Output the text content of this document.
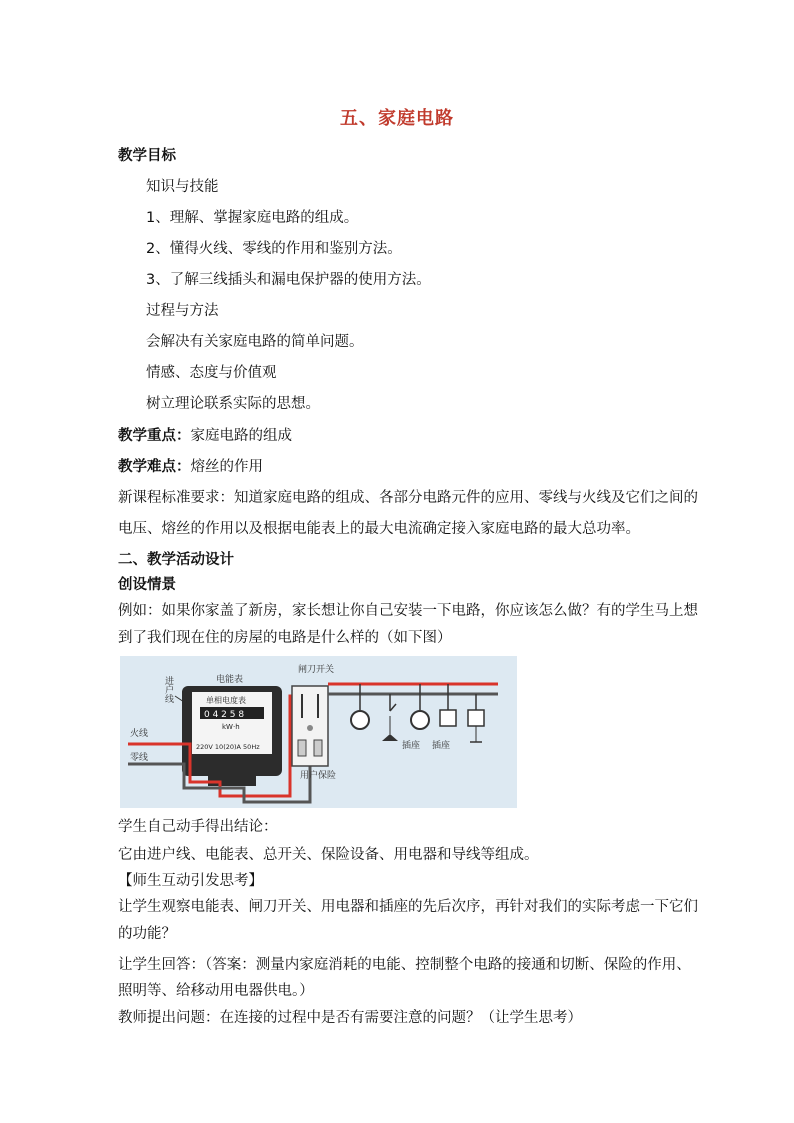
五、家庭电路
教学目标
知识与技能
1、理解、掌握家庭电路的组成。
2、懂得火线、零线的作用和鉴别方法。
3、了解三线插头和漏电保护器的使用方法。
过程与方法
会解决有关家庭电路的简单问题。
情感、态度与价值观
树立理论联系实际的思想。
教学重点：家庭电路的组成
教学难点：熔丝的作用
新课程标准要求：知道家庭电路的组成、各部分电路元件的应用、零线与火线及它们之间的
电压、熔丝的作用以及根据电能表上的最大电流确定接入家庭电路的最大总功率。
二、教学活动设计
创设情景
例如：如果你家盖了新房，家长想让你自己安装一下电路，你应该怎么做？有的学生马上想
到了我们现在住的房屋的电路是什么样的（如下图）
火线
零线
进户线	电能表
单相电度表
0 4 2 5 8
kW·h
220V 10(20)A 50Hz
闸刀开关
用户保险
插座 插座
学生自己动手得出结论：
它由进户线、电能表、总开关、保险设备、用电器和导线等组成。
【师生互动引发思考】
让学生观察电能表、闸刀开关、用电器和插座的先后次序，再针对我们的实际考虑一下它们
的功能？
让学生回答：（答案：测量内家庭消耗的电能、控制整个电路的接通和切断、保险的作用、
照明等、给移动用电器供电。）
教师提出问题：在连接的过程中是否有需要注意的问题？（让学生思考）
